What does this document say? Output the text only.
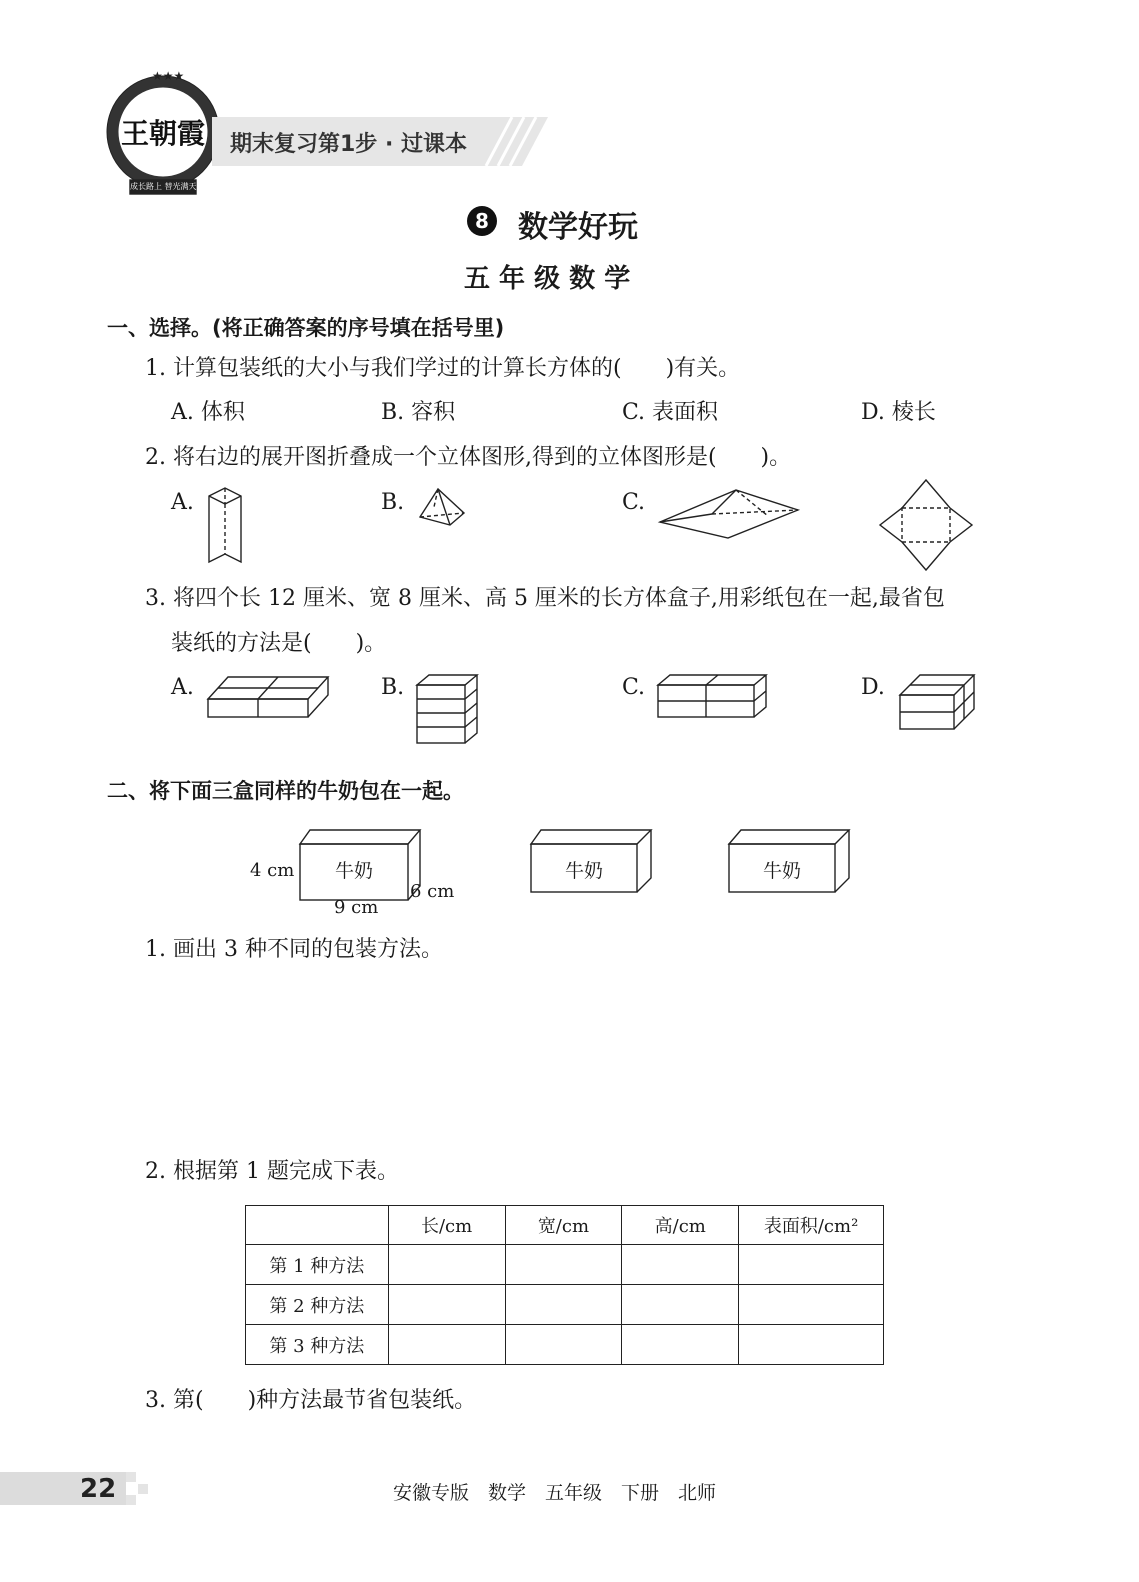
★★★
王朝霞
成长路上 替光满天
期末复习第1步 · 过课本
8 数学好玩
五 年 级 数 学
一、选择。(将正确答案的序号填在括号里)
1. 计算包装纸的大小与我们学过的计算长方体的(　　)有关。
A. 体积	B. 容积	C. 表面积	D. 棱长
2. 将右边的展开图折叠成一个立体图形,得到的立体图形是(　　)。
A.	B.	C.
3. 将四个长 12 厘米、宽 8 厘米、高 5 厘米的长方体盒子,用彩纸包在一起,最省包
装纸的方法是(　　)。
A.	B.	C.	D.
二、将下面三盒同样的牛奶包在一起。
牛奶
4 cm
9 cm
6 cm
牛奶	牛奶
1. 画出 3 种不同的包装方法。
2. 根据第 1 题完成下表。
	长/cm	宽/cm	高/cm	表面积/cm²
第 1 种方法				
第 2 种方法				
第 3 种方法				
3. 第(　　)种方法最节省包装纸。
22	安徽专版　数学　五年级　下册　北师
